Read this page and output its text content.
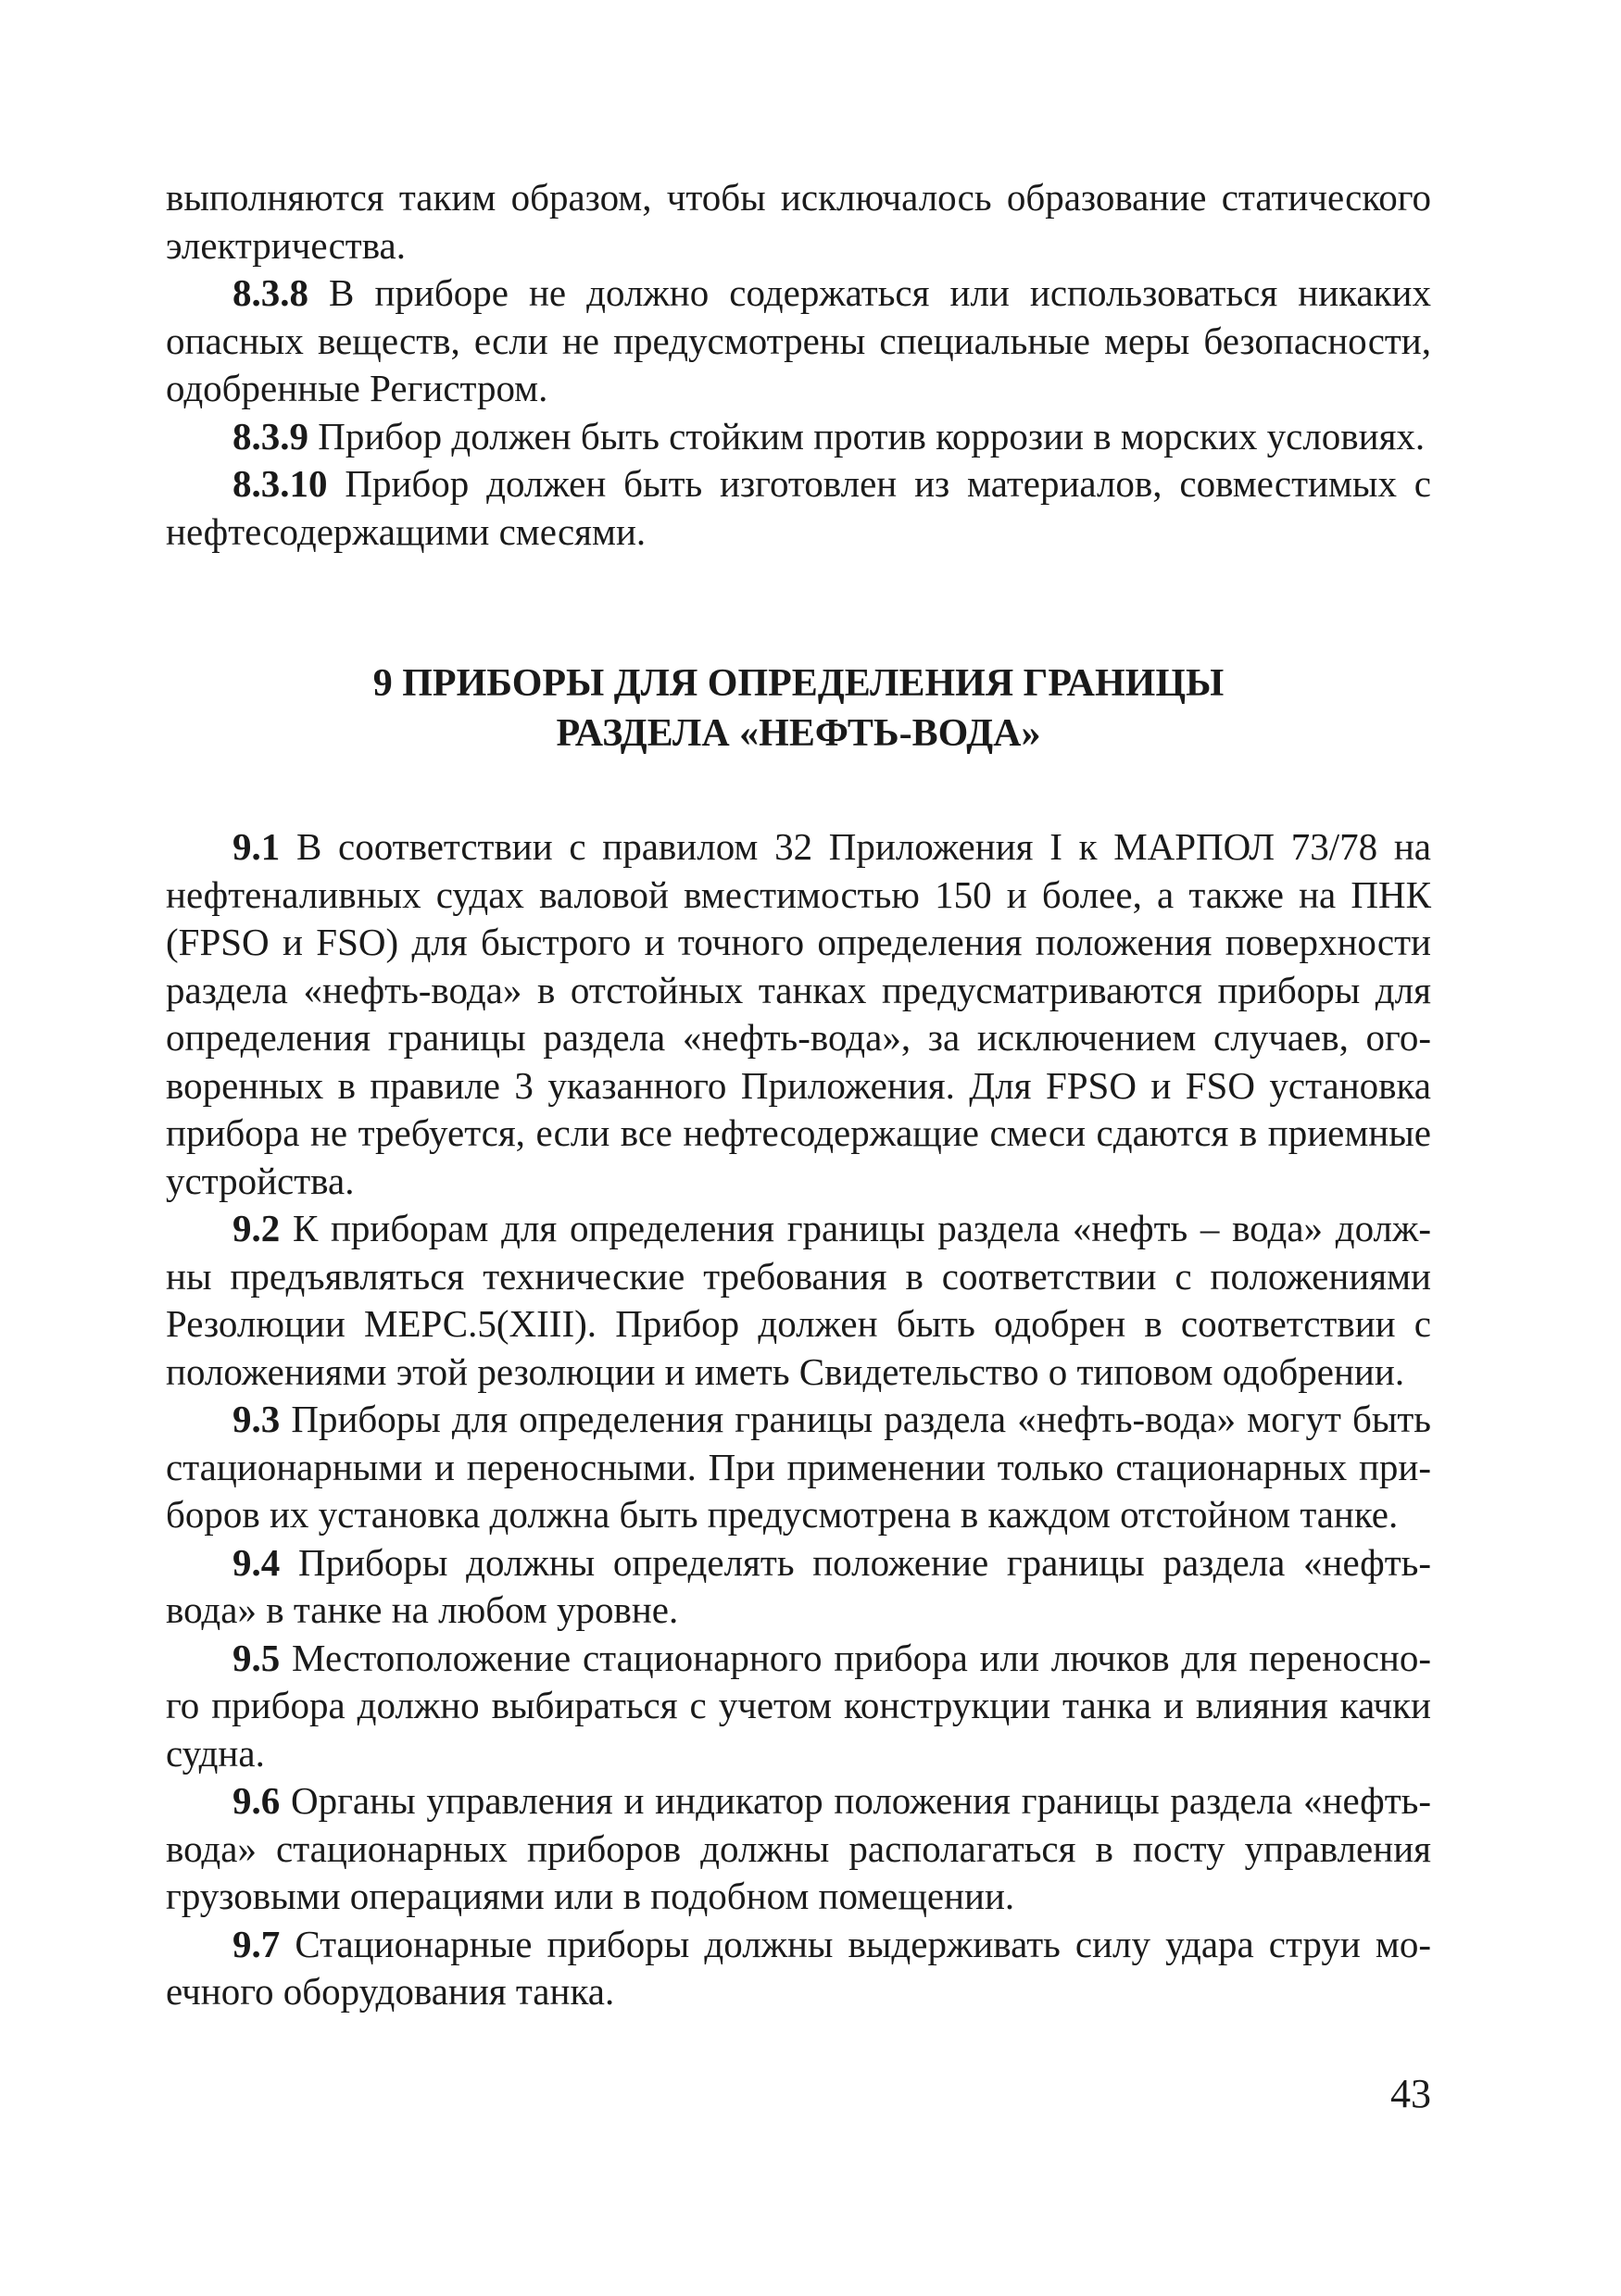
выполняются таким образом, чтобы исключалось образование статического электричества.

8.3.8 В приборе не должно содержаться или использоваться никаких опасных веществ, если не предусмотрены специальные меры безопасности, одобренные Регистром.

8.3.9 Прибор должен быть стойким против коррозии в морских условиях.

8.3.10 Прибор должен быть изготовлен из материалов, совместимых с нефтесодержащими смесями.

9 ПРИБОРЫ ДЛЯ ОПРЕДЕЛЕНИЯ ГРАНИЦЫ
РАЗДЕЛА «НЕФТЬ-ВОДА»

9.1 В соответствии с правилом 32 Приложения I к МАРПОЛ 73/78 на нефтеналивных судах валовой вместимостью 150 и более, а также на ПНК (FPSO и FSO) для быстрого и точного определения положения поверхности раздела «нефть-вода» в отстойных танках предусматриваются приборы для определения границы раздела «нефть-вода», за исключением случаев, оговоренных в правиле 3 указанного Приложения. Для FPSO и FSO установка прибора не требуется, если все нефтесодержащие смеси сдаются в приемные устройства.

9.2 К приборам для определения границы раздела «нефть – вода» должны предъявляться технические требования в соответствии с положениями Резолюции МЕРС.5(XIII). Прибор должен быть одобрен в соответствии с положениями этой резолюции и иметь Свидетельство о типовом одобрении.

9.3 Приборы для определения границы раздела «нефть-вода» могут быть стационарными и переносными. При применении только стационарных приборов их установка должна быть предусмотрена в каждом отстойном танке.

9.4 Приборы должны определять положение границы раздела «нефть-вода» в танке на любом уровне.

9.5 Местоположение стационарного прибора или лючков для переносного прибора должно выбираться с учетом конструкции танка и влияния качки судна.

9.6 Органы управления и индикатор положения границы раздела «нефть-вода» стационарных приборов должны располагаться в посту управления грузовыми операциями или в подобном помещении.

9.7 Стационарные приборы должны выдерживать силу удара струи моечного оборудования танка.

43
